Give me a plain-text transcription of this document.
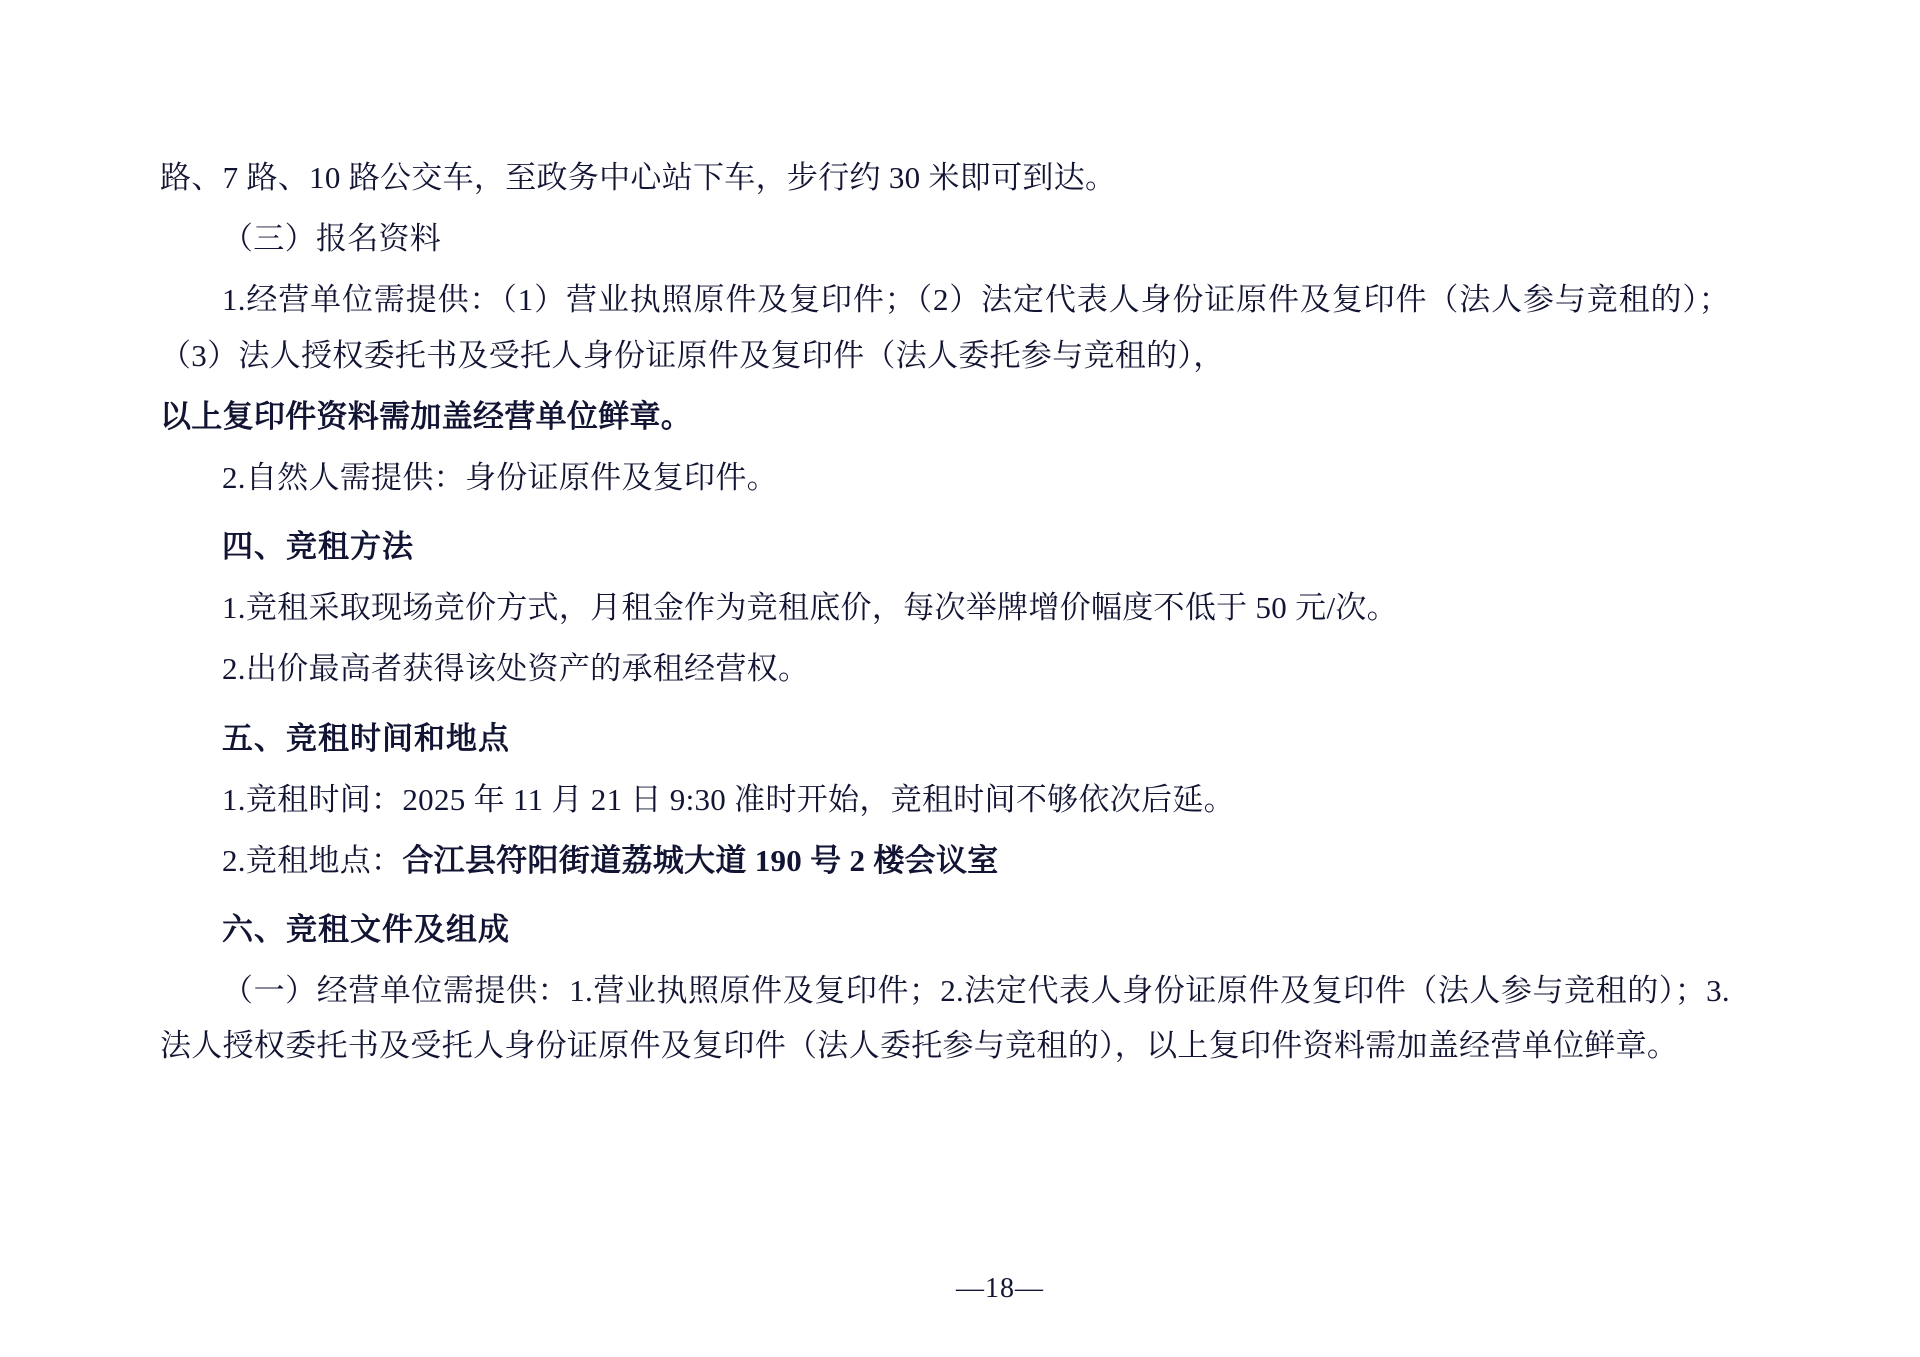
路、7 路、10 路公交车，至政务中心站下车，步行约 30 米即可到达。

（三）报名资料

1.经营单位需提供：（1）营业执照原件及复印件；（2）法定代表人身份证原件及复印件（法人参与竞租的）；（3）法人授权委托书及受托人身份证原件及复印件（法人委托参与竞租的），

以上复印件资料需加盖经营单位鲜章。

2.自然人需提供：身份证原件及复印件。

四、竞租方法

1.竞租采取现场竞价方式，月租金作为竞租底价，每次举牌增价幅度不低于 50 元/次。

2.出价最高者获得该处资产的承租经营权。

五、竞租时间和地点

1.竞租时间：2025 年 11 月 21 日 9:30 准时开始，竞租时间不够依次后延。

2.竞租地点：合江县符阳街道荔城大道 190 号 2 楼会议室

六、竞租文件及组成

（一）经营单位需提供：1.营业执照原件及复印件；2.法定代表人身份证原件及复印件（法人参与竞租的）；3.法人授权委托书及受托人身份证原件及复印件（法人委托参与竞租的），以上复印件资料需加盖经营单位鲜章。

—18—
